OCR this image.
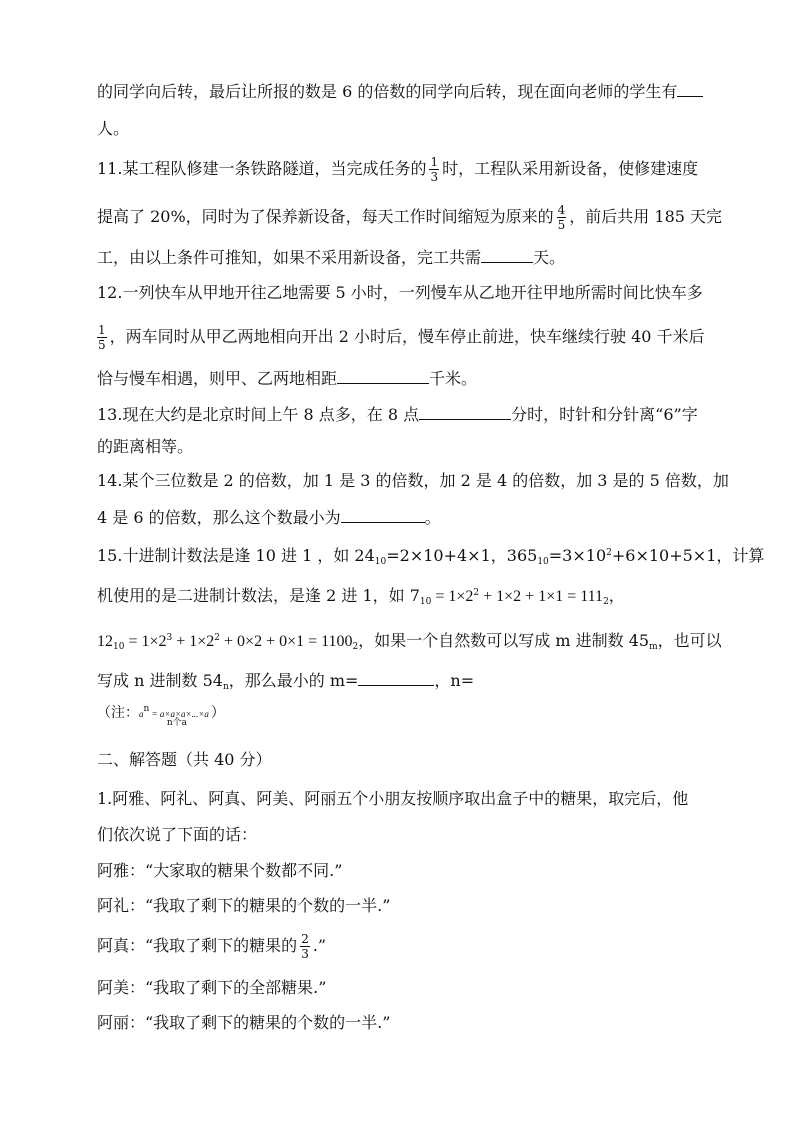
的同学向后转，最后让所报的数是 6 的倍数的同学向后转，现在面向老师的学生有
人。
11.某工程队修建一条铁路隧道，当完成任务的 $\frac{1}{3}$ 时，工程队采用新设备，使修建速度
提高了 20%，同时为了保养新设备，每天工作时间缩短为原来的 $\frac{4}{5}$ ，前后共用 185 天完
工，由以上条件可推知，如果不采用新设备，完工共需	天。
12.一列快车从甲地开往乙地需要 5 小时，一列慢车从乙地开往甲地所需时间比快车多
$\frac{1}{5}$ ，两车同时从甲乙两地相向开出 2 小时后，慢车停止前进，快车继续行驶 40 千米后
恰与慢车相遇，则甲、乙两地相距	千米。
13.现在大约是北京时间上午 8 点多，在 8 点	分时，时针和分针离“6”字
的距离相等。
14.某个三位数是 2 的倍数，加 1 是 3 的倍数，加 2 是 4 的倍数，加 3 是的 5 倍数，加
4 是 6 的倍数，那么这个数最小为	。
15.十进制计数法是逢 10 进 1 ，如 $24_{10}=2\times 10+4\times 1$，$365_{10}=3\times 10^2+6\times 10+5\times 1$，计算
机使用的是二进制计数法，是逢 2 进 1，如 $7_{10} = 1\times 2^2 + 1\times 2 + 1\times 1 = 111_2$，
$12_{10} = 1\times 2^3 + 1\times 2^2 + 0\times 2 + 0\times 1 = 1100_2$，如果一个自然数可以写成 m 进制数 $45_m$，也可以
写成 n 进制数 $54_n$，那么最小的 m=	，n=
（注：$a^n = a\times a\times a\times...\times an$个a）
二、解答题（共 40 分）
1.阿雅、阿礼、阿真、阿美、阿丽五个小朋友按顺序取出盒子中的糖果，取完后，他
们依次说了下面的话：
阿雅：“大家取的糖果个数都不同.”
阿礼：“我取了剩下的糖果的个数的一半.”
阿真：“我取了剩下的糖果的 $\frac{2}{3}$ .”
阿美：“我取了剩下的全部糖果.”
阿丽：“我取了剩下的糖果的个数的一半.”
